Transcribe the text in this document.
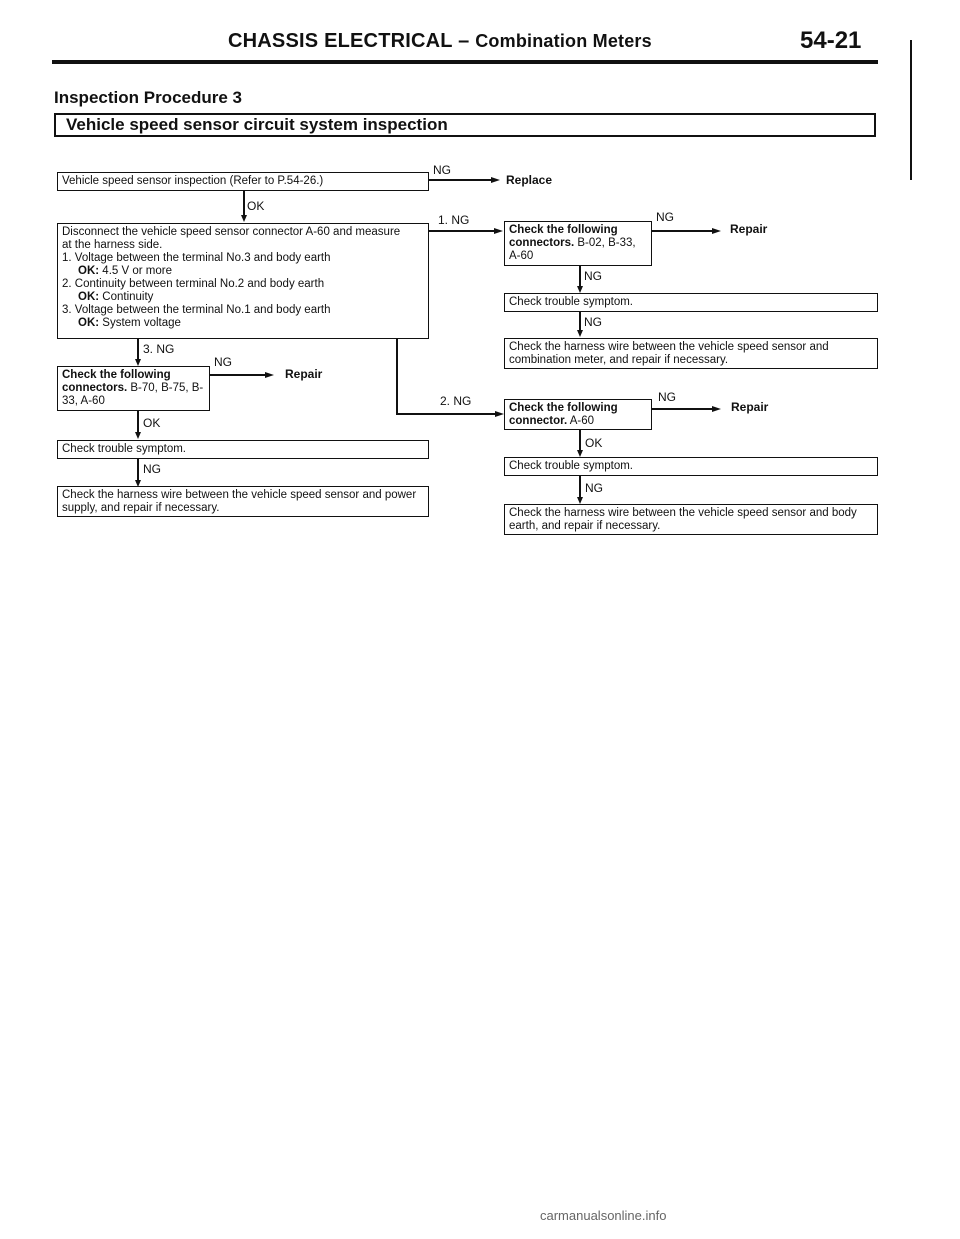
CHASSIS ELECTRICAL – Combination Meters	54-21
Inspection Procedure 3
Vehicle speed sensor circuit system inspection
Vehicle speed sensor inspection (Refer to P.54-26.)
NG
Replace
OK
Disconnect the vehicle speed sensor connector A-60 and measure
at the harness side.
1. Voltage between the terminal No.3 and body earth
OK: 4.5 V or more
2. Continuity between terminal No.2 and body earth
OK: Continuity
3. Voltage between the terminal No.1 and body earth
OK: System voltage
1. NG
Check the following connectors. B-02, B-33, A-60
NG
Repair
NG
Check trouble symptom.
NG
Check the harness wire between the vehicle speed sensor and combination meter, and repair if necessary.
2. NG	Check the following connector. A-60
NG
Repair
OK
Check trouble symptom.
NG
Check the harness wire between the vehicle speed sensor and body earth, and repair if necessary.
3. NG
Check the following connectors. B-70, B-75, B-33, A-60
NG
Repair
OK
Check trouble symptom.
NG
Check the harness wire between the vehicle speed sensor and power supply, and repair if necessary.
carmanualsonline.info
